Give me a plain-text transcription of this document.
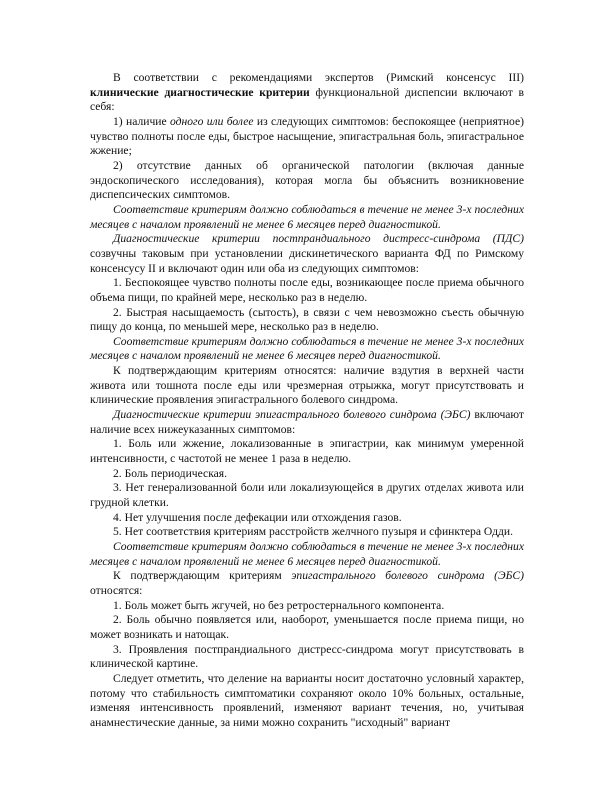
В соответствии с рекомендациями экспертов (Римский консенсус III) клинические диагностические критерии функциональной диспепсии включают в себя:

1) наличие одного или более из следующих симптомов: беспокоящее (неприятное) чувство полноты после еды, быстрое насыщение, эпигастральная боль, эпигастральное жжение;

2) отсутствие данных об органической патологии (включая данные эндоскопического исследования), которая могла бы объяснить возникновение диспепсических симптомов.

Соответствие критериям должно соблюдаться в течение не менее 3-х последних месяцев с началом проявлений не менее 6 месяцев перед диагностикой.

Диагностические критерии постпрандиального дистресс-синдрома (ПДС) созвучны таковым при установлении дискинетического варианта ФД по Римскому консенсусу II и включают один или оба из следующих симптомов:

1. Беспокоящее чувство полноты после еды, возникающее после приема обычного объема пищи, по крайней мере, несколько раз в неделю.

2. Быстрая насыщаемость (сытость), в связи с чем невозможно съесть обычную пищу до конца, по меньшей мере, несколько раз в неделю.

Соответствие критериям должно соблюдаться в течение не менее 3-х последних месяцев с началом проявлений не менее 6 месяцев перед диагностикой.

К подтверждающим критериям относятся: наличие вздутия в верхней части живота или тошнота после еды или чрезмерная отрыжка, могут присутствовать и клинические проявления эпигастрального болевого синдрома.

Диагностические критерии эпигастрального болевого синдрома (ЭБС) включают наличие всех нижеуказанных симптомов:

1. Боль или жжение, локализованные в эпигастрии, как минимум умеренной интенсивности, с частотой не менее 1 раза в неделю.

2. Боль периодическая.

3. Нет генерализованной боли или локализующейся в других отделах живота или грудной клетки.

4. Нет улучшения после дефекации или отхождения газов.

5. Нет соответствия критериям расстройств желчного пузыря и сфинктера Одди.

Соответствие критериям должно соблюдаться в течение не менее 3-х последних месяцев с началом проявлений не менее 6 месяцев перед диагностикой.

К подтверждающим критериям эпигастрального болевого синдрома (ЭБС) относятся:

1. Боль может быть жгучей, но без ретростернального компонента.

2. Боль обычно появляется или, наоборот, уменьшается после приема пищи, но может возникать и натощак.

3. Проявления постпрандиального дистресс-синдрома могут присутствовать в клинической картине.

Следует отметить, что деление на варианты носит достаточно условный характер, потому что стабильность симптоматики сохраняют около 10% больных, остальные, изменяя интенсивность проявлений, изменяют вариант течения, но, учитывая анамнестические данные, за ними можно сохранить "исходный" вариант
